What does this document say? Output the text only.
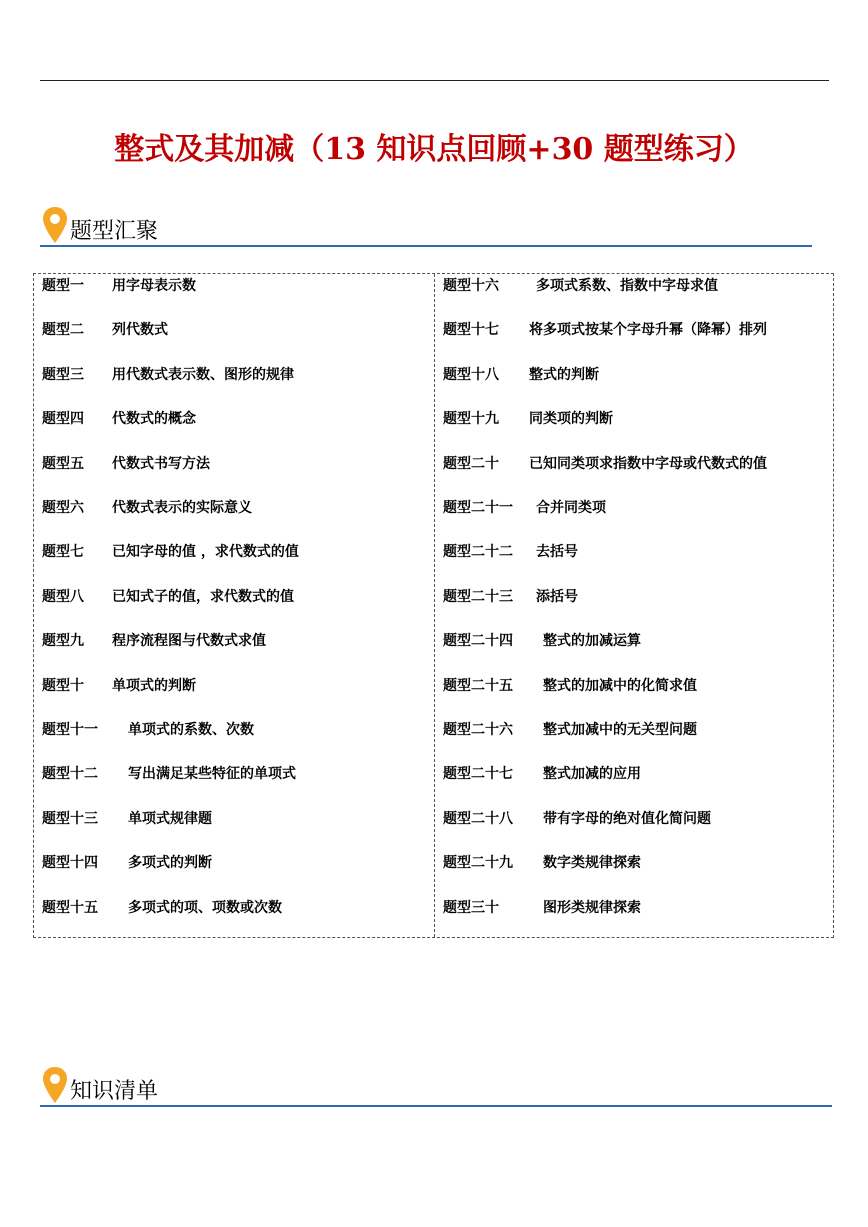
整式及其加减（13 知识点回顾+30 题型练习）
题型汇聚
题型一 用字母表示数
题型二 列代数式
题型三 用代数式表示数、图形的规律
题型四 代数式的概念
题型五 代数式书写方法
题型六 代数式表示的实际意义
题型七 已知字母的值 ，求代数式的值
题型八 已知式子的值，求代数式的值
题型九 程序流程图与代数式求值
题型十 单项式的判断
题型十一 单项式的系数、次数
题型十二 写出满足某些特征的单项式
题型十三 单项式规律题
题型十四 多项式的判断
题型十五 多项式的项、项数或次数
题型十六	多项式系数、指数中字母求值
题型十七 将多项式按某个字母升幂（降幂）排列
题型十八 整式的判断
题型十九 同类项的判断
题型二十 已知同类项求指数中字母或代数式的值
题型二十一 合并同类项
题型二十二 去括号
题型二十三 添括号
题型二十四 整式的加减运算
题型二十五 整式的加减中的化简求值
题型二十六 整式加减中的无关型问题
题型二十七 整式加减的应用
题型二十八 带有字母的绝对值化简问题
题型二十九 数字类规律探索
题型三十	图形类规律探索
知识清单
